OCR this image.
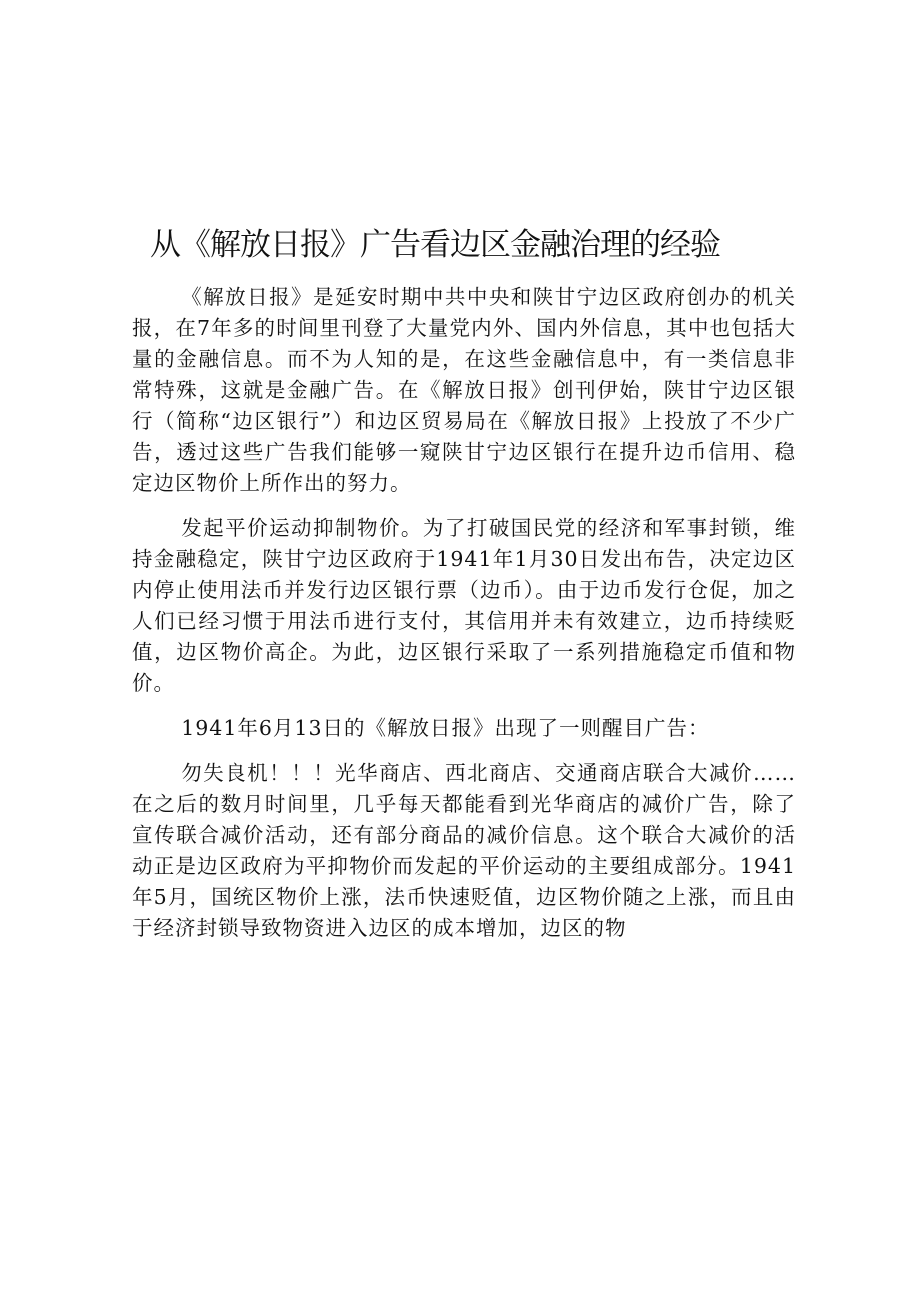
从《解放日报》广告看边区金融治理的经验

《解放日报》是延安时期中共中央和陕甘宁边区政府创办的机关报，在7年多的时间里刊登了大量党内外、国内外信息，其中也包括大量的金融信息。而不为人知的是，在这些金融信息中，有一类信息非常特殊，这就是金融广告。在《解放日报》创刊伊始，陕甘宁边区银行（简称“边区银行”）和边区贸易局在《解放日报》上投放了不少广告，透过这些广告我们能够一窥陕甘宁边区银行在提升边币信用、稳定边区物价上所作出的努力。

发起平价运动抑制物价。为了打破国民党的经济和军事封锁，维持金融稳定，陕甘宁边区政府于1941年1月30日发出布告，决定边区内停止使用法币并发行边区银行票（边币）。由于边币发行仓促，加之人们已经习惯于用法币进行支付，其信用并未有效建立，边币持续贬值，边区物价高企。为此，边区银行采取了一系列措施稳定币值和物价。

1941年6月13日的《解放日报》出现了一则醒目广告：

勿失良机！！！光华商店、西北商店、交通商店联合大减价……在之后的数月时间里，几乎每天都能看到光华商店的减价广告，除了宣传联合减价活动，还有部分商品的减价信息。这个联合大减价的活动正是边区政府为平抑物价而发起的平价运动的主要组成部分。1941年5月，国统区物价上涨，法币快速贬值，边区物价随之上涨，而且由于经济封锁导致物资进入边区的成本增加，边区的物
